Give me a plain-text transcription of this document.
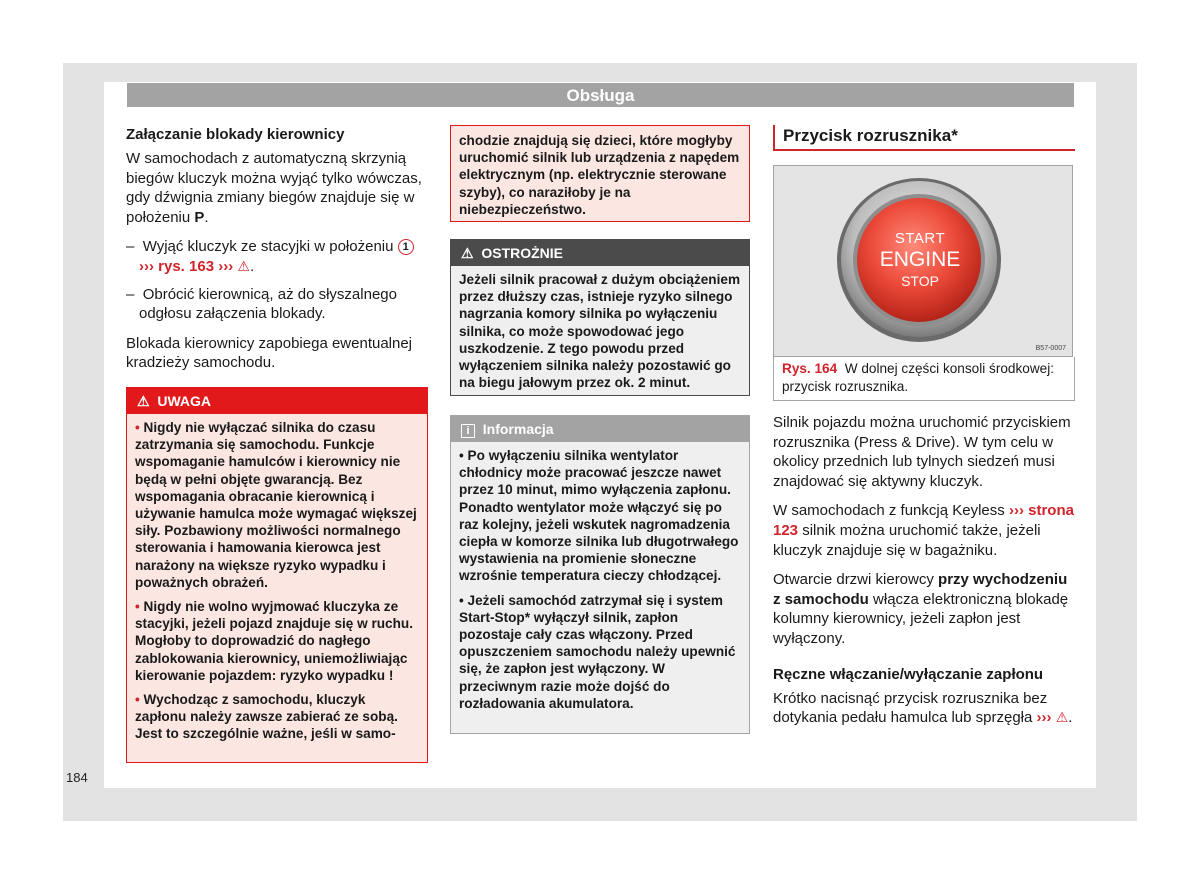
Obsługa

Załączanie blokady kierownicy

W samochodach z automatyczną skrzynią biegów kluczyk można wyjąć tylko wówczas, gdy dźwignia zmiany biegów znajduje się w położeniu P.

–  Wyjąć kluczyk ze stacyjki w położeniu 1
››› rys. 163 ››› ⚠.

–  Obrócić kierownicą, aż do słyszalnego odgłosu załączenia blokady.

Blokada kierownicy zapobiega ewentualnej kradzieży samochodu.

⚠ UWAGA

• Nigdy nie wyłączać silnika do czasu zatrzymania się samochodu. Funkcje wspomaganie hamulców i kierownicy nie będą w pełni objęte gwarancją. Bez wspomagania obracanie kierownicą i używanie hamulca może wymagać większej siły. Pozbawiony możliwości normalnego sterowania i hamowania kierowca jest narażony na większe ryzyko wypadku i poważnych obrażeń.

• Nigdy nie wolno wyjmować kluczyka ze stacyjki, jeżeli pojazd znajduje się w ruchu. Mogłoby to doprowadzić do nagłego zablokowania kierownicy, uniemożliwiając kierowanie pojazdem: ryzyko wypadku !

• Wychodząc z samochodu, kluczyk zapłonu należy zawsze zabierać ze sobą. Jest to szczególnie ważne, jeśli w samo-

chodzie znajdują się dzieci, które mogłyby uruchomić silnik lub urządzenia z napędem elektrycznym (np. elektrycznie sterowane szyby), co naraziłoby je na niebezpieczeństwo.
⚠ OSTROŻNIE
Jeżeli silnik pracował z dużym obciążeniem przez dłuższy czas, istnieje ryzyko silnego nagrzania komory silnika po wyłączeniu silnika, co może spowodować jego uszkodzenie. Z tego powodu przed wyłączeniem silnika należy pozostawić go na biegu jałowym przez ok. 2 minut.
i Informacja

• Po wyłączeniu silnika wentylator chłodnicy może pracować jeszcze nawet przez 10 minut, mimo wyłączenia zapłonu. Ponadto wentylator może włączyć się po raz kolejny, jeżeli wskutek nagromadzenia ciepła w komorze silnika lub długotrwałego wystawienia na promienie słoneczne wzrośnie temperatura cieczy chłodzącej.

• Jeżeli samochód zatrzymał się i system Start-Stop* wyłączył silnik, zapłon pozostaje cały czas włączony. Przed opuszczeniem samochodu należy upewnić się, że zapłon jest wyłączony. W przeciwnym razie może dojść do rozładowania akumulatora.

Przycisk rozrusznika*
START
ENGINE
STOP
B57-0007
Rys. 164 W dolnej części konsoli środkowej: przycisk rozrusznika.

Silnik pojazdu można uruchomić przyciskiem rozrusznika (Press & Drive). W tym celu w okolicy przednich lub tylnych siedzeń musi znajdować się aktywny kluczyk.

W samochodach z funkcją Keyless ››› strona 123 silnik można uruchomić także, jeżeli kluczyk znajduje się w bagażniku.

Otwarcie drzwi kierowcy przy wychodzeniu z samochodu włącza elektroniczną blokadę kolumny kierownicy, jeżeli zapłon jest wyłączony.

Ręczne włączanie/wyłączanie zapłonu

Krótko nacisnąć przycisk rozrusznika bez dotykania pedału hamulca lub sprzęgła ››› ⚠.

184
